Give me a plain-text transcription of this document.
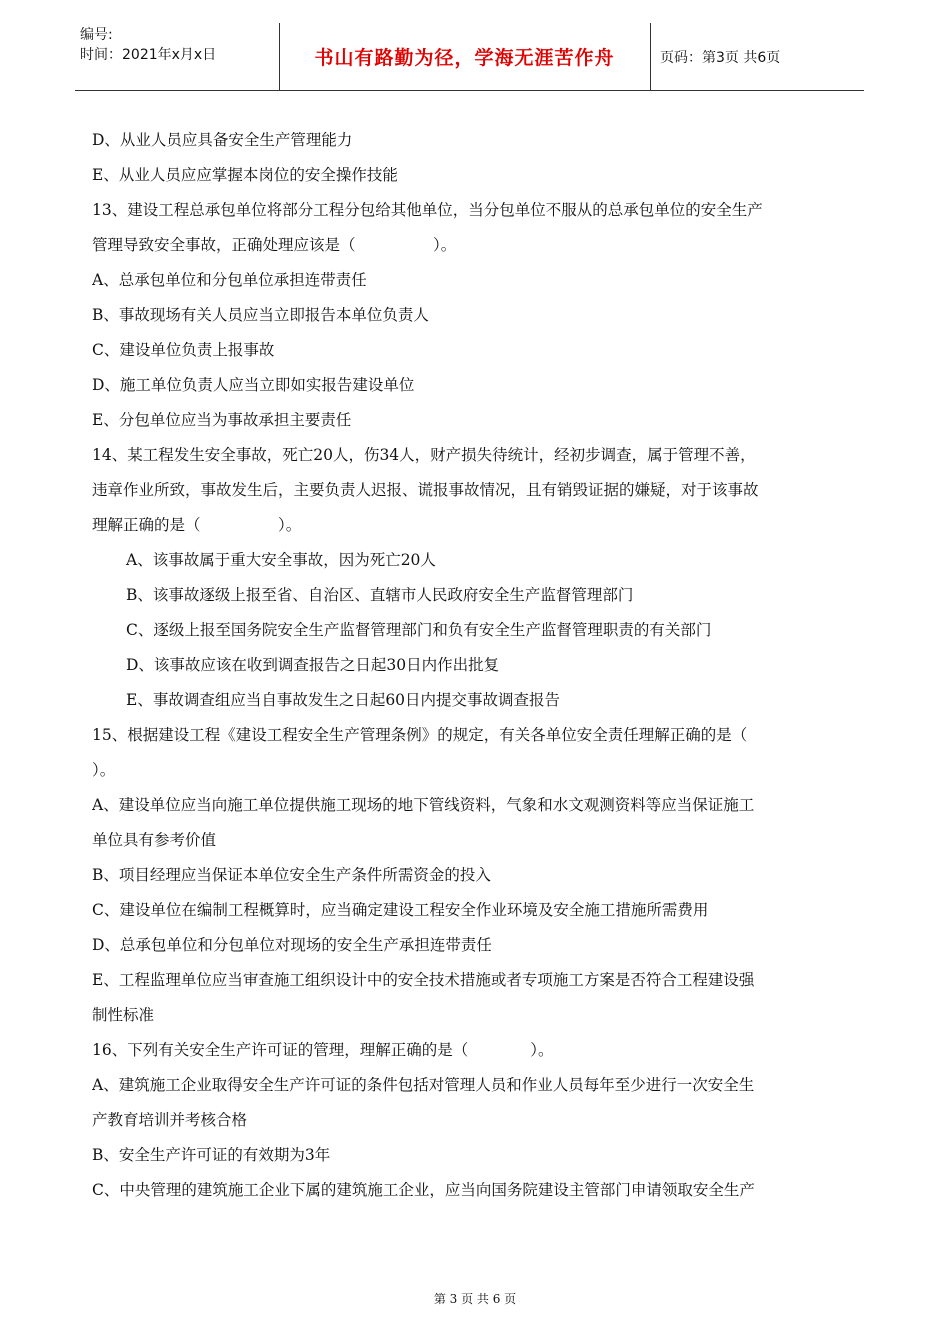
编号:
时间：2021年x月x日	书山有路勤为径，学海无涯苦作舟	页码：第3页 共6页
D、从业人员应具备安全生产管理能力
E、从业人员应应掌握本岗位的安全操作技能
13、建设工程总承包单位将部分工程分包给其他单位，当分包单位不服从的总承包单位的安全生产
管理导致安全事故，正确处理应该是（　　　　　）。
A、总承包单位和分包单位承担连带责任
B、事故现场有关人员应当立即报告本单位负责人
C、建设单位负责上报事故
D、施工单位负责人应当立即如实报告建设单位
E、分包单位应当为事故承担主要责任
14、某工程发生安全事故，死亡20人，伤34人，财产损失待统计，经初步调查，属于管理不善，
违章作业所致，事故发生后，主要负责人迟报、谎报事故情况，且有销毁证据的嫌疑，对于该事故
理解正确的是（　　　　　）。
A、该事故属于重大安全事故，因为死亡20人
B、该事故逐级上报至省、自治区、直辖市人民政府安全生产监督管理部门
C、逐级上报至国务院安全生产监督管理部门和负有安全生产监督管理职责的有关部门
D、该事故应该在收到调查报告之日起30日内作出批复
E、事故调查组应当自事故发生之日起60日内提交事故调查报告
15、根据建设工程《建设工程安全生产管理条例》的规定，有关各单位安全责任理解正确的是（
）。
A、建设单位应当向施工单位提供施工现场的地下管线资料，气象和水文观测资料等应当保证施工
单位具有参考价值
B、项目经理应当保证本单位安全生产条件所需资金的投入
C、建设单位在编制工程概算时，应当确定建设工程安全作业环境及安全施工措施所需费用
D、总承包单位和分包单位对现场的安全生产承担连带责任
E、工程监理单位应当审查施工组织设计中的安全技术措施或者专项施工方案是否符合工程建设强
制性标准
16、下列有关安全生产许可证的管理，理解正确的是（　　　　）。
A、建筑施工企业取得安全生产许可证的条件包括对管理人员和作业人员每年至少进行一次安全生
产教育培训并考核合格
B、安全生产许可证的有效期为3年
C、中央管理的建筑施工企业下属的建筑施工企业，应当向国务院建设主管部门申请领取安全生产
第 3 页 共 6 页
